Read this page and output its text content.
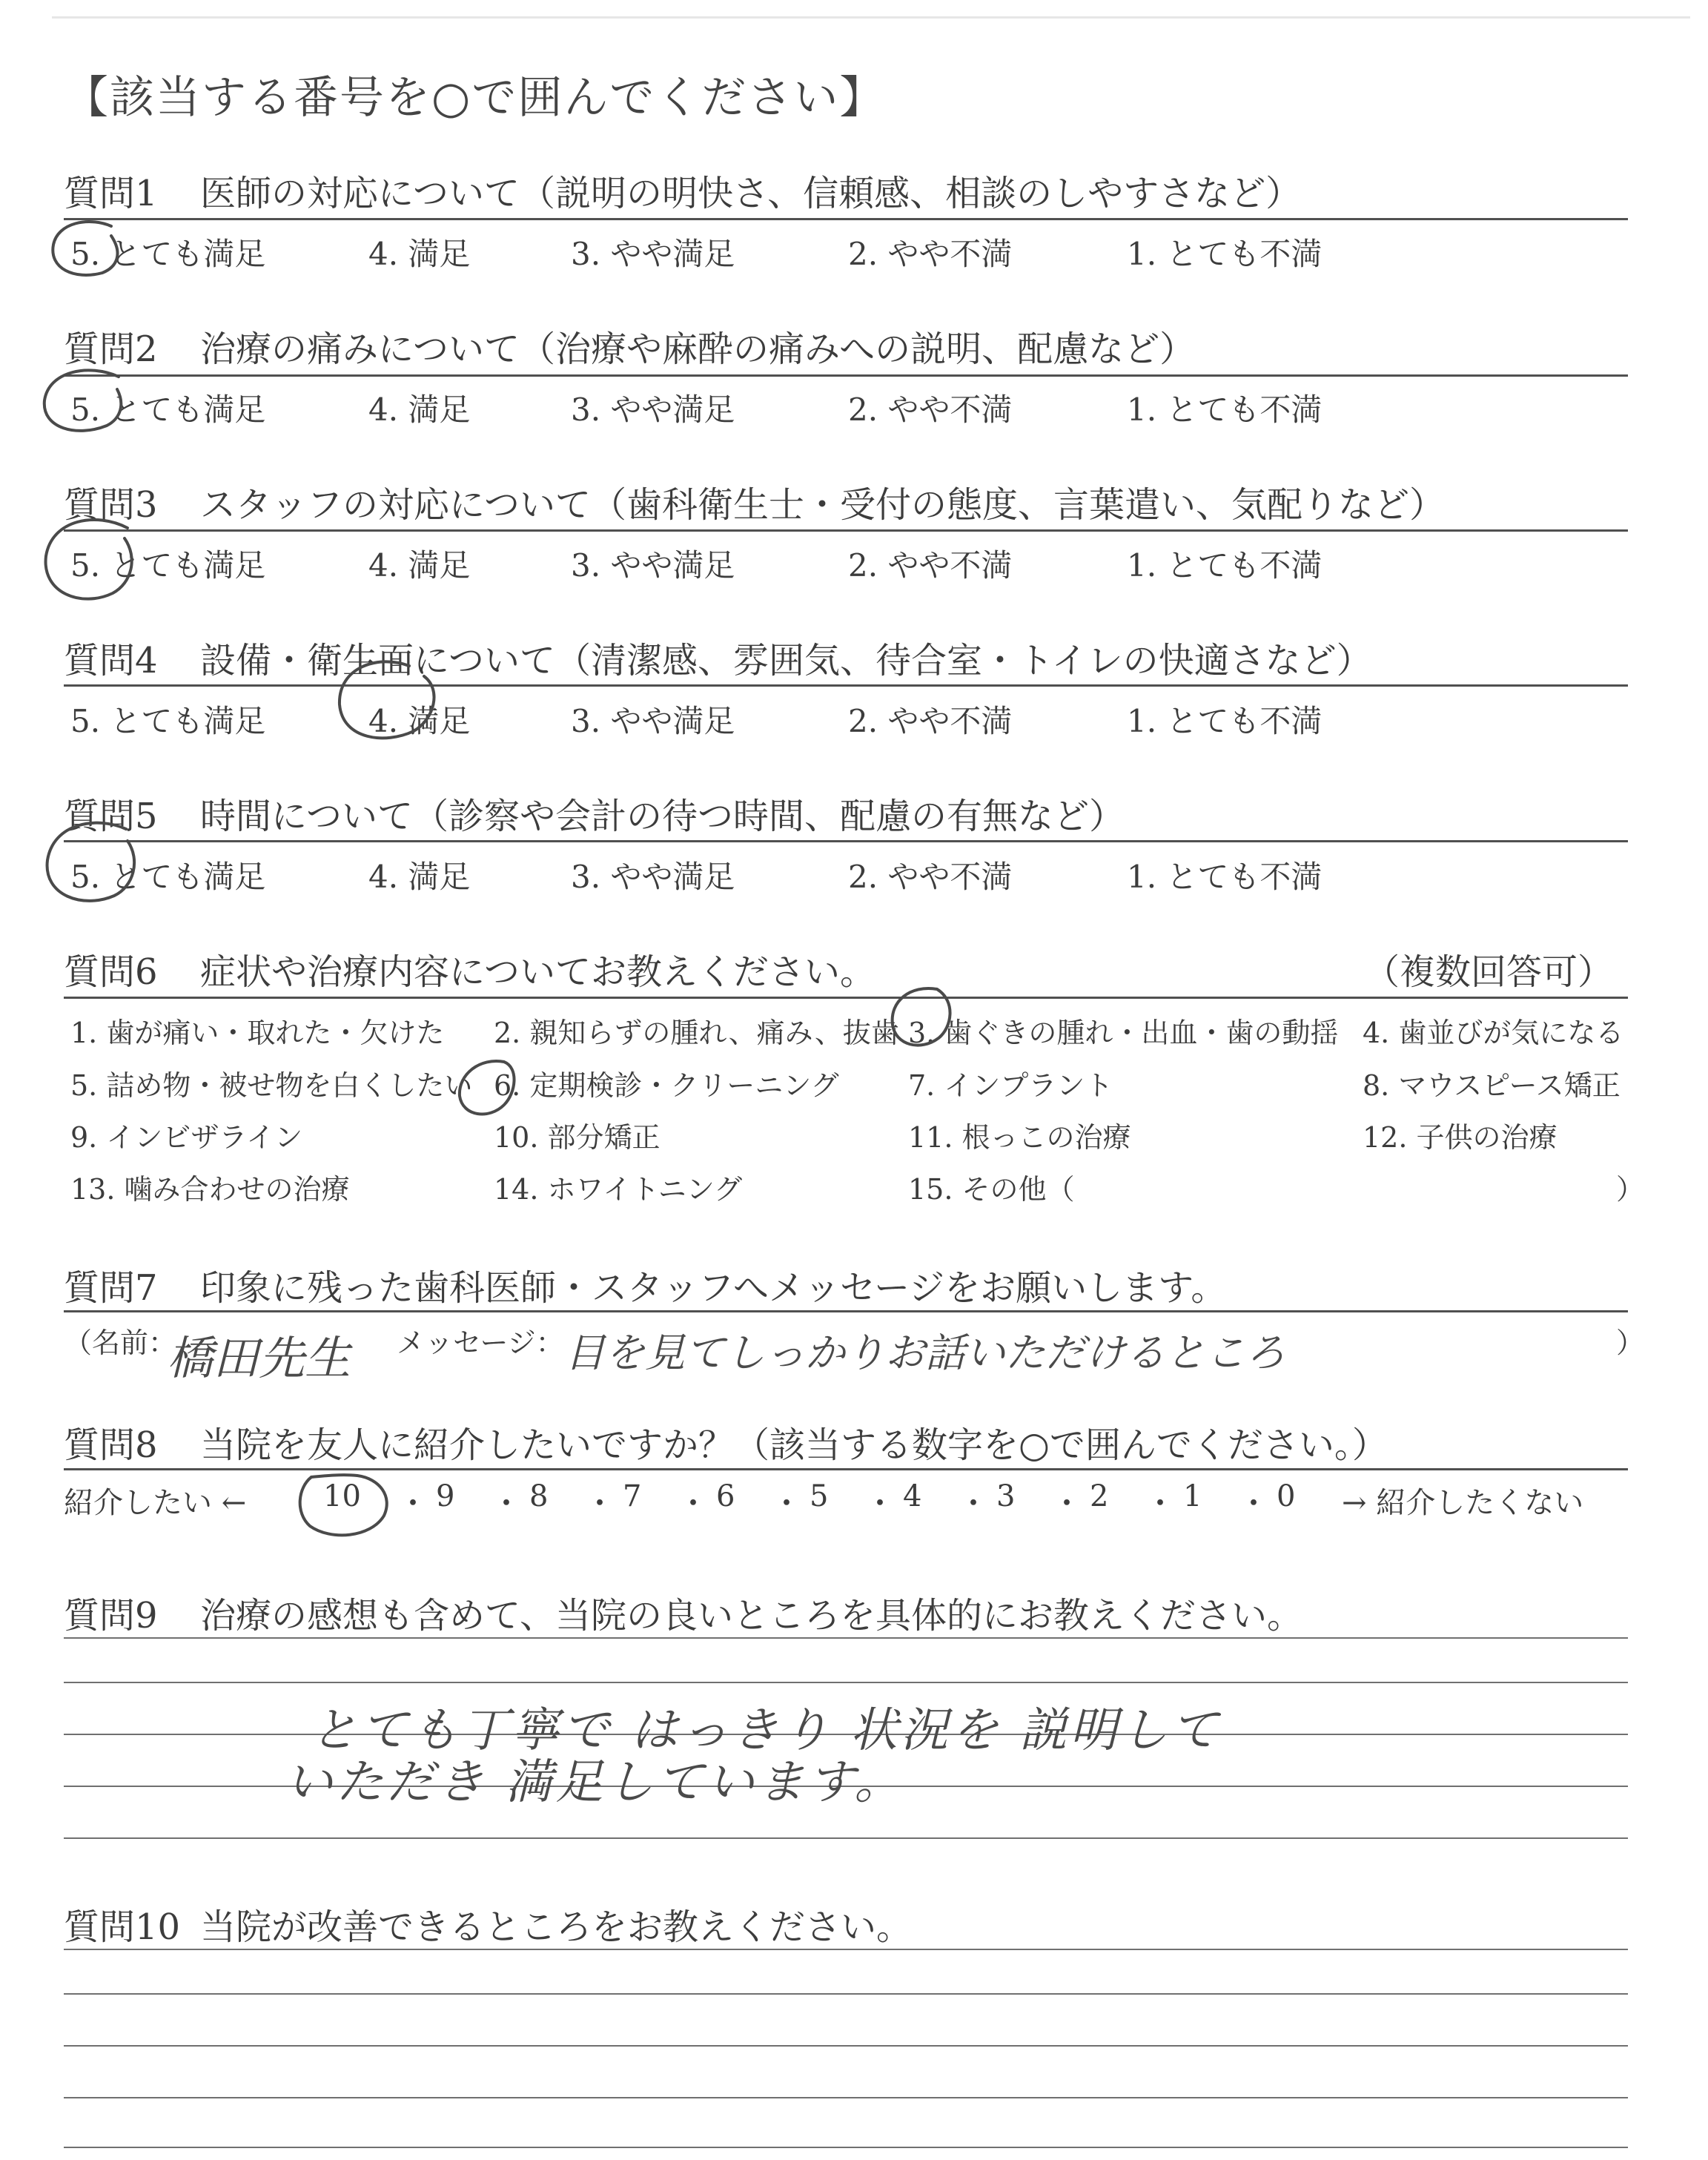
【該当する番号を○で囲んでください】
質問1 医師の対応について（説明の明快さ、信頼感、相談のしやすさなど）
5. とても満足	4. 満足	3. やや満足	2. やや不満	1. とても不満
質問2 治療の痛みについて（治療や麻酔の痛みへの説明、配慮など）
5. とても満足	4. 満足	3. やや満足	2. やや不満	1. とても不満
質問3 スタッフの対応について（歯科衛生士・受付の態度、言葉遣い、気配りなど）
5. とても満足	4. 満足	3. やや満足	2. やや不満	1. とても不満
質問4 設備・衛生面について（清潔感、雰囲気、待合室・トイレの快適さなど）
5. とても満足	4. 満足	3. やや満足	2. やや不満	1. とても不満
質問5 時間について（診察や会計の待つ時間、配慮の有無など）
5. とても満足	4. 満足	3. やや満足	2. やや不満	1. とても不満
質問6 症状や治療内容についてお教えください。	（複数回答可）
1. 歯が痛い・取れた・欠けた 2. 親知らずの腫れ、痛み、抜歯 3. 歯ぐきの腫れ・出血・歯の動揺 4. 歯並びが気になる
5. 詰め物・被せ物を白くしたい 6. 定期検診・クリーニング 7. インプラント	8. マウスピース矯正
9. インビザライン	10. 部分矯正	11. 根っこの治療	12. 子供の治療
13. 噛み合わせの治療	14. ホワイトニング	15. その他（	）
質問7 印象に残った歯科医師・スタッフへメッセージをお願いします。
（名前：
橋田先生 メッセージ： 目を見てしっかりお話いただけるところ	）
質問8 当院を友人に紹介したいですか？（該当する数字を○で囲んでください。）
紹介したい ←	10 ・ 9 ・ 8 ・ 7 ・ 6 ・ 5 ・ 4 ・ 3 ・ 2 ・ 1 ・ 0 → 紹介したくない
質問9 治療の感想も含めて、当院の良いところを具体的にお教えください。
とても丁寧で はっきり 状況を 説明して
いただき 満足しています。
質問10 当院が改善できるところをお教えください。
